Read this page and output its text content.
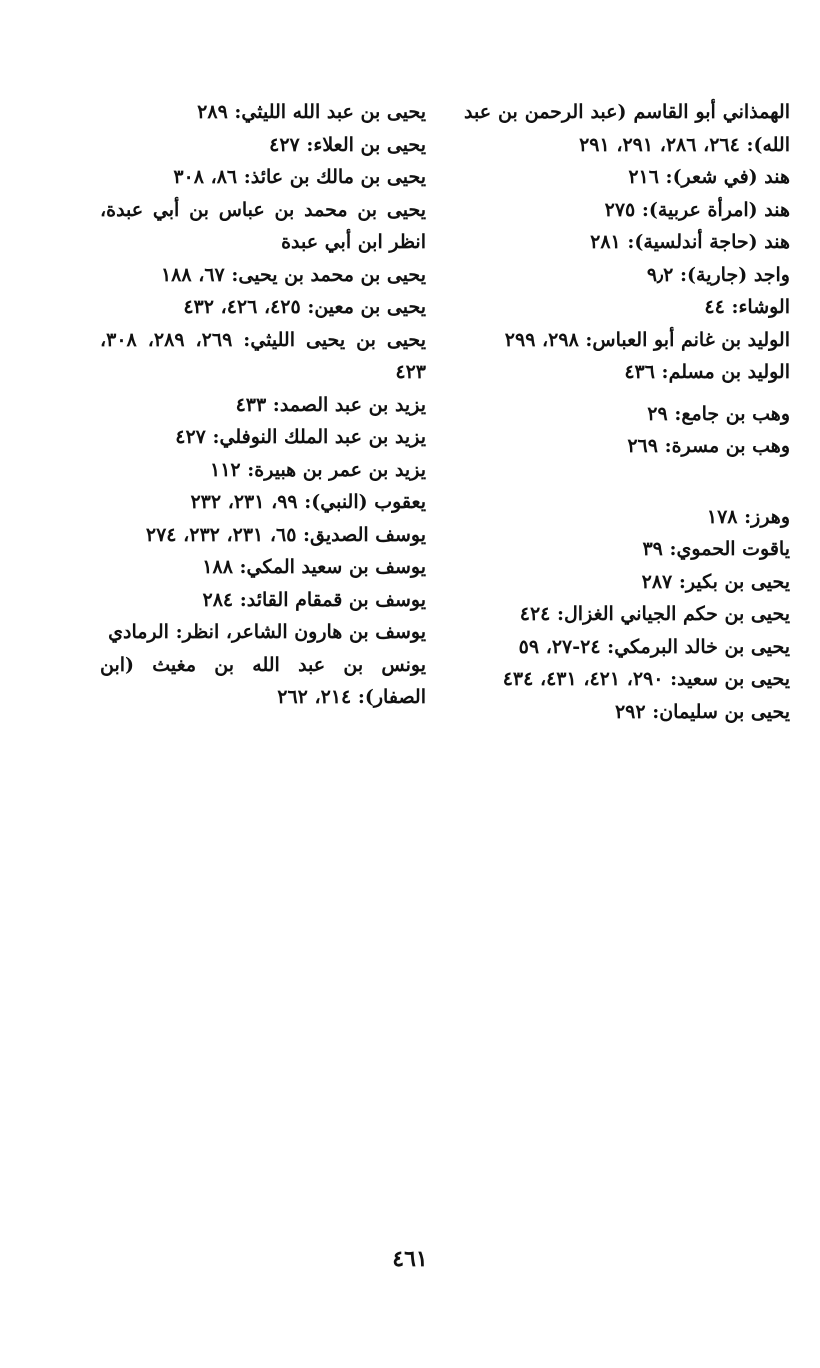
الهمذاني أبو القاسم (عبد الرحمن بن عبد الله): ٢٦٤، ٢٨٦، ٢٩١، ٢٩١

هند (في شعر): ٢١٦

هند (امرأة عربية): ٢٧٥

هند (حاجة أندلسية): ٢٨١

واجد (جارية): ٩٫٢

الوشاء: ٤٤

الوليد بن غانم أبو العباس: ٢٩٨، ٢٩٩

الوليد بن مسلم: ٤٣٦

وهب بن جامع: ٢٩

وهب بن مسرة: ٢٦٩

وهرز: ١٧٨

ياقوت الحموي: ٣٩

يحيى بن بكير: ٢٨٧

يحيى بن حكم الجياني الغزال: ٤٢٤

يحيى بن خالد البرمكي: ٢٤-٢٧، ٥٩

يحيى بن سعيد: ٢٩٠، ٤٢١، ٤٣١، ٤٣٤

يحيى بن سليمان: ٢٩٢

يحيى بن عبد الله الليثي: ٢٨٩

يحيى بن العلاء: ٤٢٧

يحيى بن مالك بن عائذ: ٨٦، ٣٠٨

يحيى بن محمد بن عباس بن أبي عبدة، انظر ابن أبي عبدة

يحيى بن محمد بن يحيى: ٦٧، ١٨٨

يحيى بن معين: ٤٢٥، ٤٢٦، ٤٣٢

يحيى بن يحيى الليثي: ٢٦٩، ٢٨٩، ٣٠٨، ٤٢٣

يزيد بن عبد الصمد: ٤٣٣

يزيد بن عبد الملك النوفلي: ٤٢٧

يزيد بن عمر بن هبيرة: ١١٢

يعقوب (النبي): ٩٩، ٢٣١، ٢٣٢

يوسف الصديق: ٦٥، ٢٣١، ٢٣٢، ٢٧٤

يوسف بن سعيد المكي: ١٨٨

يوسف بن قمقام القائد: ٢٨٤

يوسف بن هارون الشاعر، انظر: الرمادي

يونس بن عبد الله بن مغيث (ابن الصفار): ٢١٤، ٢٦٢

٤٦١
